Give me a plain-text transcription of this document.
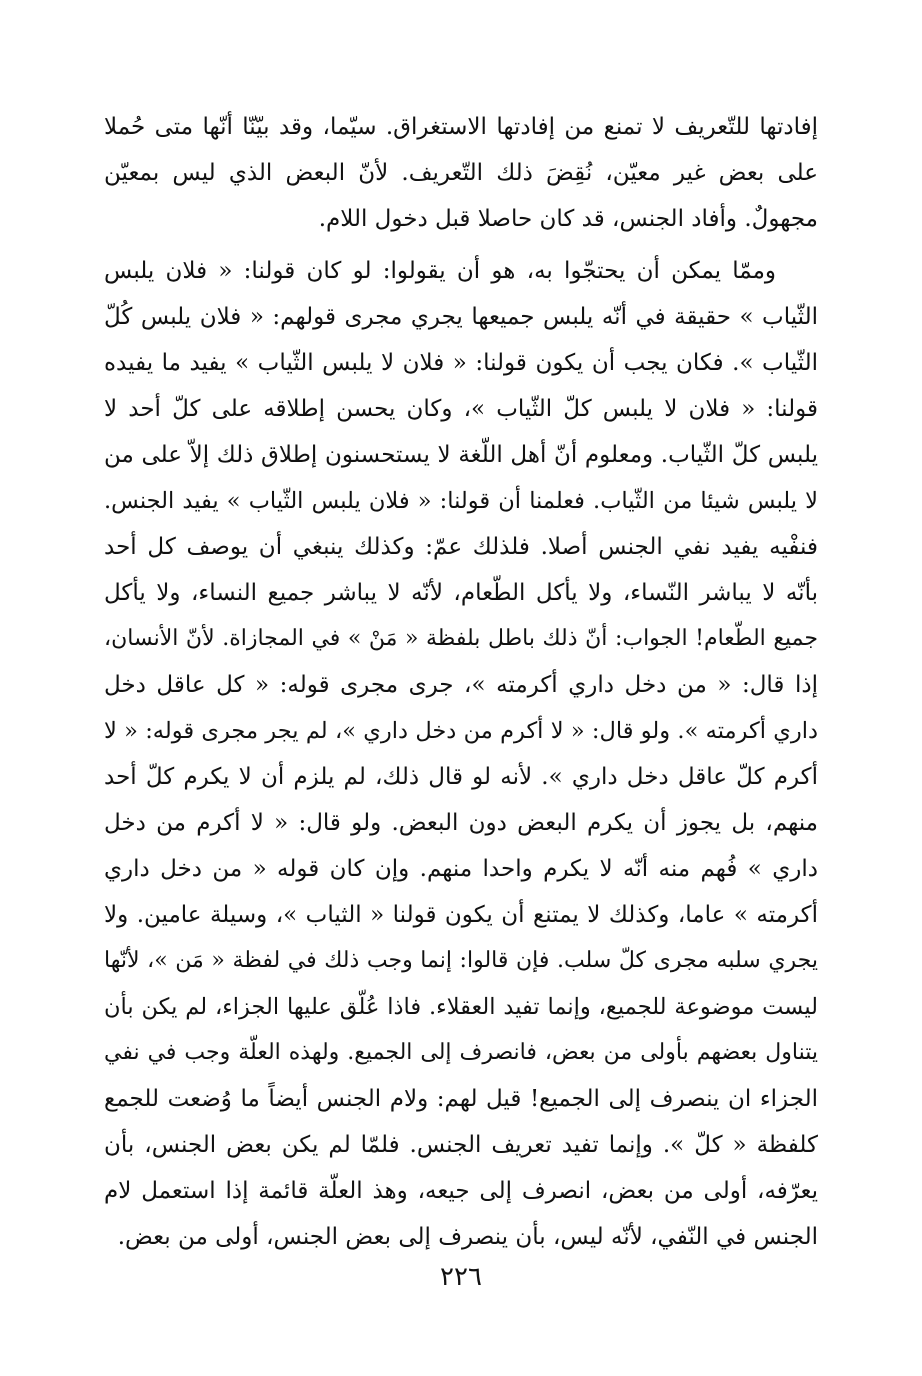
إفادتها للتّعريف لا تمنع من إفادتها الاستغراق. سيّما، وقد بيّنّا أنّها متى حُملا
على بعض غير معيّن، نُقِضَ ذلك التّعريف. لأنّ البعض الذي ليس بمعيّن
مجهولٌ. وأفاد الجنس، قد كان حاصلا قبل دخول اللام.
وممّا يمكن أن يحتجّوا به، هو أن يقولوا: لو كان قولنا: « فلان يلبس
الثّياب » حقيقة في أنّه يلبس جميعها يجري مجرى قولهم: « فلان يلبس كُلّ
الثّياب ». فكان يجب أن يكون قولنا: « فلان لا يلبس الثّياب » يفيد ما يفيده
قولنا: « فلان لا يلبس كلّ الثّياب »، وكان يحسن إطلاقه على كلّ أحد لا
يلبس كلّ الثّياب. ومعلوم أنّ أهل اللّغة لا يستحسنون إطلاق ذلك إلاّ على من
لا يلبس شيئا من الثّياب. فعلمنا أن قولنا: « فلان يلبس الثّياب » يفيد الجنس.
فنفْيه يفيد نفي الجنس أصلا. فلذلك عمّ: وكذلك ينبغي أن يوصف كل أحد
بأنّه لا يباشر النّساء، ولا يأكل الطّعام، لأنّه لا يباشر جميع النساء، ولا يأكل
جميع الطّعام! الجواب: أنّ ذلك باطل بلفظة « مَنْ » في المجازاة. لأنّ الأنسان،
إذا قال: « من دخل داري أكرمته »، جرى مجرى قوله: « كل عاقل دخل
داري أكرمته ». ولو قال: « لا أكرم من دخل داري »، لم يجر مجرى قوله: « لا
أكرم كلّ عاقل دخل داري ». لأنه لو قال ذلك، لم يلزم أن لا يكرم كلّ أحد
منهم، بل يجوز أن يكرم البعض دون البعض. ولو قال: « لا أكرم من دخل
داري » فُهم منه أنّه لا يكرم واحدا منهم. وإن كان قوله « من دخل داري
أكرمته » عاما، وكذلك لا يمتنع أن يكون قولنا « الثياب »، وسيلة عامين. ولا
يجري سلبه مجرى كلّ سلب. فإن قالوا: إنما وجب ذلك في لفظة « مَن »، لأنّها
ليست موضوعة للجميع، وإنما تفيد العقلاء. فاذا عُلّق عليها الجزاء، لم يكن بأن
يتناول بعضهم بأولى من بعض، فانصرف إلى الجميع. ولهذه العلّة وجب في نفي
الجزاء ان ينصرف إلى الجميع! قيل لهم: ولام الجنس أيضاً ما وُضعت للجمع
كلفظة « كلّ ». وإنما تفيد تعريف الجنس. فلمّا لم يكن بعض الجنس، بأن
يعرّفه، أولى من بعض، انصرف إلى جيعه، وهذ العلّة قائمة إذا استعمل لام
الجنس في النّفي، لأنّه ليس، بأن ينصرف إلى بعض الجنس، أولى من بعض.
٢٢٦
